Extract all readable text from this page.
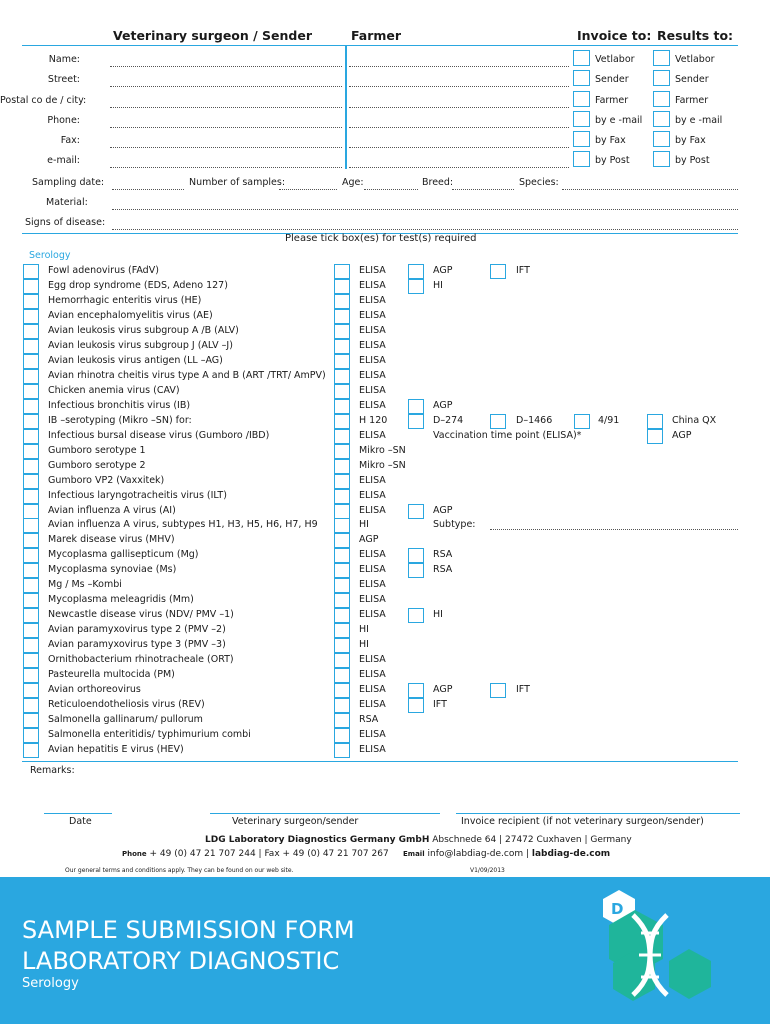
Veterinary surgeon / Sender	Farmer	Invoice to: Results to:
Name:	Vetlabor	Vetlabor
Street:	Sender	Sender
Postal co de / city:	Farmer	Farmer
Phone:	by e -mail	by e -mail
Fax:	by Fax	by Fax
e-mail:	by Post	by Post
Sampling date:	Number of samples:	Age:	Breed:	Species:
Material:
Signs of disease:
Please tick box(es) for test(s) required
Serology
Fowl adenovirus (FAdV)	ELISA	AGP	IFT
Egg drop syndrome (EDS, Adeno 127)	ELISA	HI
Hemorrhagic enteritis virus (HE)	ELISA
Avian encephalomyelitis virus (AE)	ELISA
Avian leukosis virus subgroup A /B (ALV)	ELISA
Avian leukosis virus subgroup J (ALV –J)	ELISA
Avian leukosis virus antigen (LL –AG)	ELISA
Avian rhinotra cheitis virus type A and B (ART /TRT/ AmPV)	ELISA
Chicken anemia virus (CAV)	ELISA
Infectious bronchitis virus (IB)	ELISA	AGP
IB –serotyping (Mikro –SN) for:	H 120	D–274	D–1466	4/91	China QX
Infectious bursal disease virus (Gumboro /IBD)	ELISA	Vaccination time point (ELISA)*	AGP
Gumboro serotype 1	Mikro –SN
Gumboro serotype 2	Mikro –SN
Gumboro VP2 (Vaxxitek)	ELISA
Infectious laryngotracheitis virus (ILT)	ELISA
Avian influenza A virus (AI)	ELISA	AGP
Avian influenza A virus, subtypes H1, H3, H5, H6, H7, H9	HI	Subtype:
Marek disease virus (MHV)	AGP
Mycoplasma gallisepticum (Mg)	ELISA	RSA
Mycoplasma synoviae (Ms)	ELISA	RSA
Mg / Ms –Kombi	ELISA
Mycoplasma meleagridis (Mm)	ELISA
Newcastle disease virus (NDV/ PMV –1)	ELISA	HI
Avian paramyxovirus type 2 (PMV –2)	HI
Avian paramyxovirus type 3 (PMV –3)	HI
Ornithobacterium rhinotracheale (ORT)	ELISA
Pasteurella multocida (PM)	ELISA
Avian orthoreovirus	ELISA	AGP	IFT
Reticuloendotheliosis virus (REV)	ELISA	IFT
Salmonella gallinarum/ pullorum	RSA
Salmonella enteritidis/ typhimurium combi	ELISA
Avian hepatitis E virus (HEV)	ELISA
Remarks:
Date	Veterinary surgeon/sender	Invoice recipient (if not veterinary surgeon/sender)
LDG Laboratory Diagnostics Germany GmbH Abschnede 64 | 27472 Cuxhaven | Germany
Phone + 49 (0) 47 21 707 244 | Fax + 49 (0) 47 21 707 267 Email info@labdiag-de.com | labdiag-de.com
Our general terms and conditions apply. They can be found on our web site.	V1/09/2013
SAMPLE SUBMISSION FORM
LABORATORY DIAGNOSTIC
Serology
D
